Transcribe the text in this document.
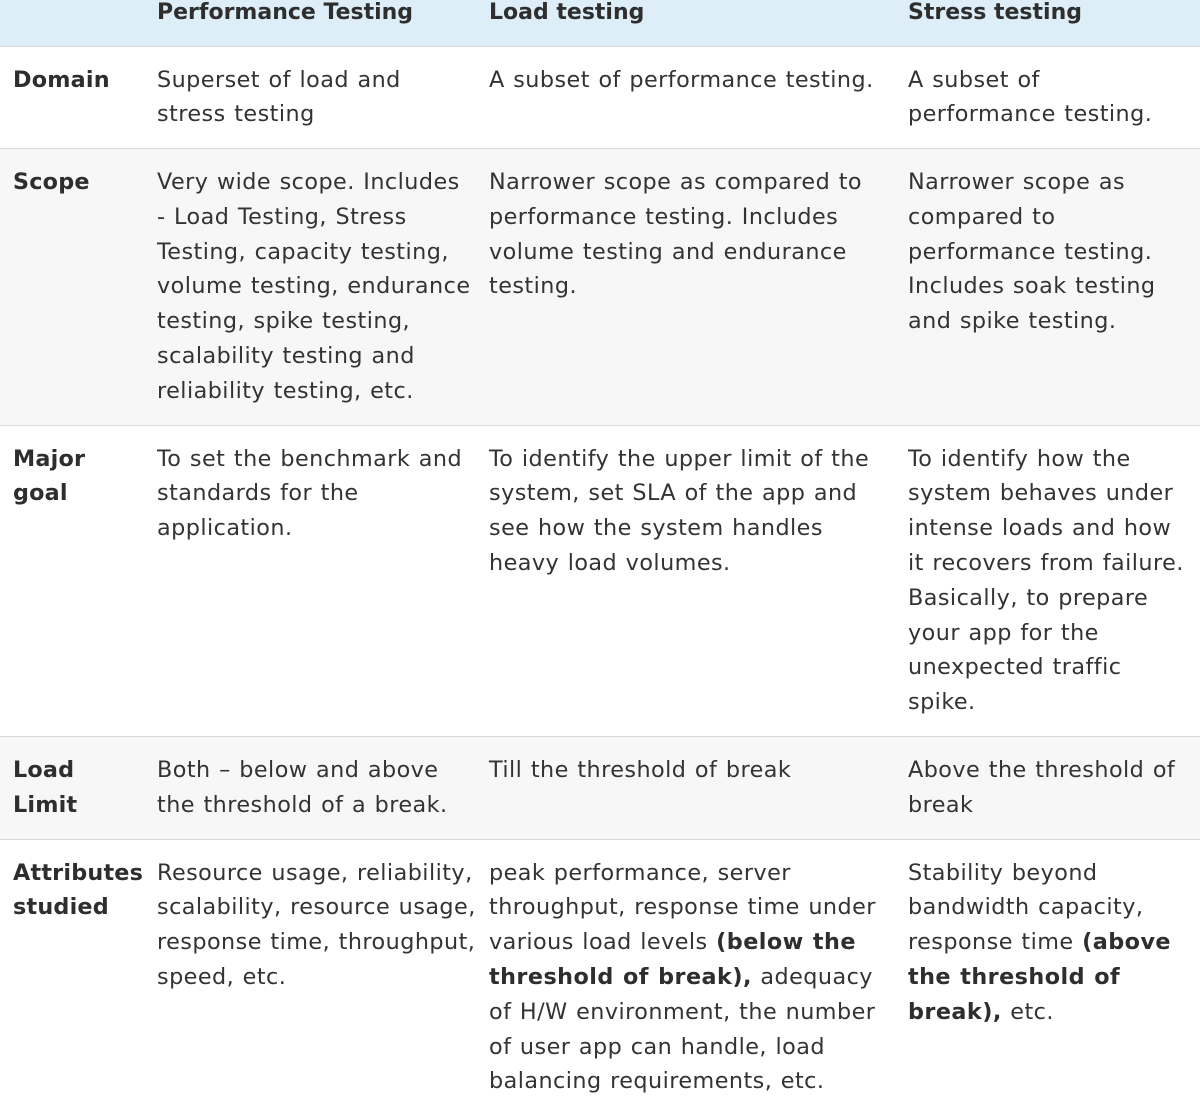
	Performance Testing	Load testing	Stress testing

Domain	Superset of load and stress testing	A subset of performance testing.	A subset of performance testing.
Scope	Very wide scope. Includes - Load Testing, Stress Testing, capacity testing, volume testing, endurance testing, spike testing, scalability testing and reliability testing, etc.	Narrower scope as compared to performance testing. Includes volume testing and endurance testing.	Narrower scope as compared to performance testing. Includes soak testing and spike testing.
Major goal	To set the benchmark and standards for the application.	To identify the upper limit of the system, set SLA of the app and see how the system handles heavy load volumes.	To identify how the system behaves under intense loads and how it recovers from failure. Basically, to prepare your app for the unexpected traffic spike.
Load Limit	Both – below and above the threshold of a break.	Till the threshold of break	Above the threshold of break
Attributes studied	Resource usage, reliability, scalability, resource usage, response time, throughput, speed, etc.	peak performance, server throughput, response time under various load levels (below the threshold of break), adequacy of H/W environment, the number of user app can handle, load balancing requirements, etc.	Stability beyond bandwidth capacity, response time (above the threshold of break), etc.
